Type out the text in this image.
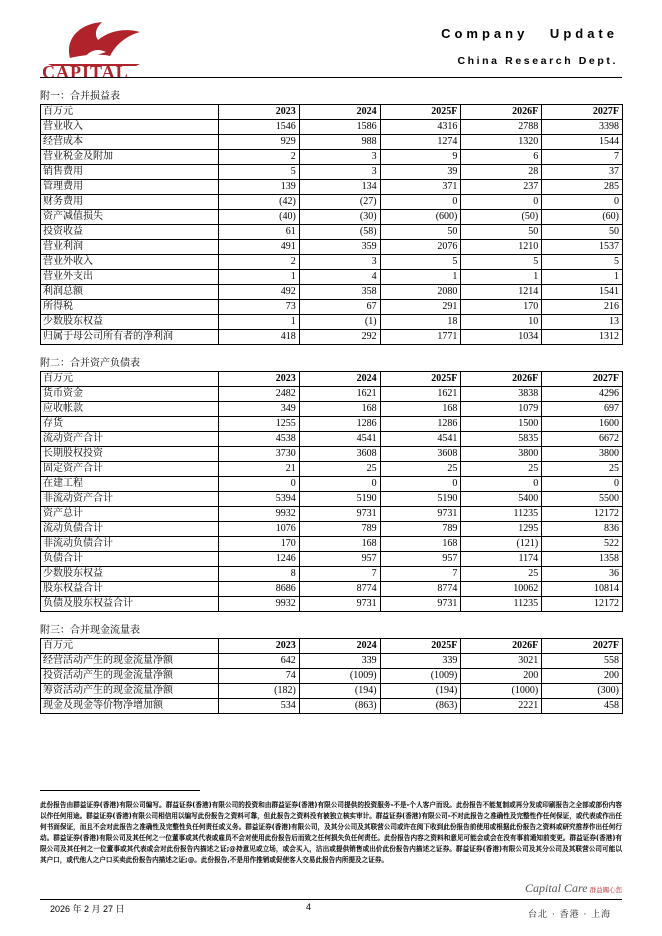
CAPITAL
Company Update
China Research Dept.
附一：合并损益表
百万元	2023	2024	2025F	2026F	2027F
营业收入	1546	1586	4316	2788	3398
经营成本	929	988	1274	1320	1544
营业税金及附加	2	3	9	6	7
销售费用	5	3	39	28	37
管理费用	139	134	371	237	285
财务费用	(42)	(27)	0	0	0
资产减值损失	(40)	(30)	(600)	(50)	(60)
投资收益	61	(58)	50	50	50
营业利润	491	359	2076	1210	1537
营业外收入	2	3	5	5	5
营业外支出	1	4	1	1	1
利润总额	492	358	2080	1214	1541
所得税	73	67	291	170	216
少数股东权益	1	(1)	18	10	13
归属于母公司所有者的净利润	418	292	1771	1034	1312
附二：合并资产负债表
百万元	2023	2024	2025F	2026F	2027F
货币资金	2482	1621	1621	3838	4296
应收帐款	349	168	168	1079	697
存货	1255	1286	1286	1500	1600
流动资产合计	4538	4541	4541	5835	6672
长期股权投资	3730	3608	3608	3800	3800
固定资产合计	21	25	25	25	25
在建工程	0	0	0	0	0
非流动资产合计	5394	5190	5190	5400	5500
资产总计	9932	9731	9731	11235	12172
流动负债合计	1076	789	789	1295	836
非流动负债合计	170	168	168	(121)	522
负债合计	1246	957	957	1174	1358
少数股东权益	8	7	7	25	36
股东权益合计	8686	8774	8774	10062	10814
负债及股东权益合计	9932	9731	9731	11235	12172
附三：合并现金流量表
百万元	2023	2024	2025F	2026F	2027F
经营活动产生的现金流量净额	642	339	339	3021	558
投资活动产生的现金流量净额	74	(1009)	(1009)	200	200
筹资活动产生的现金流量净额	(182)	(194)	(194)	(1000)	(300)
现金及现金等价物净增加额	534	(863)	(863)	2221	458
此份报告由群益证券(香港)有限公司编写。群益证券(香港)有限公司的投资和由群益证券(香港)有限公司提供的投资服务-不是-个人客户而设。此份报告不能复制或再分发或印刷报告之全部或部份内容以作任何用途。群益证券(香港)有限公司相信用以编写此份报告之资料可靠，但此报告之资料没有被独立核实审计。群益证券(香港)有限公司-不对此报告之准确性及完整性作任何保证，或代表或作出任何书面保证，而且不会对此报告之准确性及完整性负任何责任或义务。群益证券(香港)有限公司，及其分公司及其联营公司或许在阅下收到此份报告前使用或根据此份报告之资料或研究推荐作出任何行动。群益证券(香港)有限公司及其任何之一位董事或其代表或雇员不会对使用此份报告后而致之任何损失负任何责任。此份报告内容之资料和意见可能会或会在没有事前通知前变更。群益证券(香港)有限公司及其任何之一位董事或其代表或会对此份报告内描述之证;@持意见或立场，或会买入，沽出或提供销售或出价此份报告内描述之证券。群益证券(香港)有限公司及其分公司及其联营公司可能以其户口，或代他人之户口买卖此份报告内描述之证;@。此份报告,不是用作推销或促使客人交易此报告内所提及之证券。
2026 年 2 月 27 日	4
Capital Care 群益關心您
台北 · 香港 · 上海
